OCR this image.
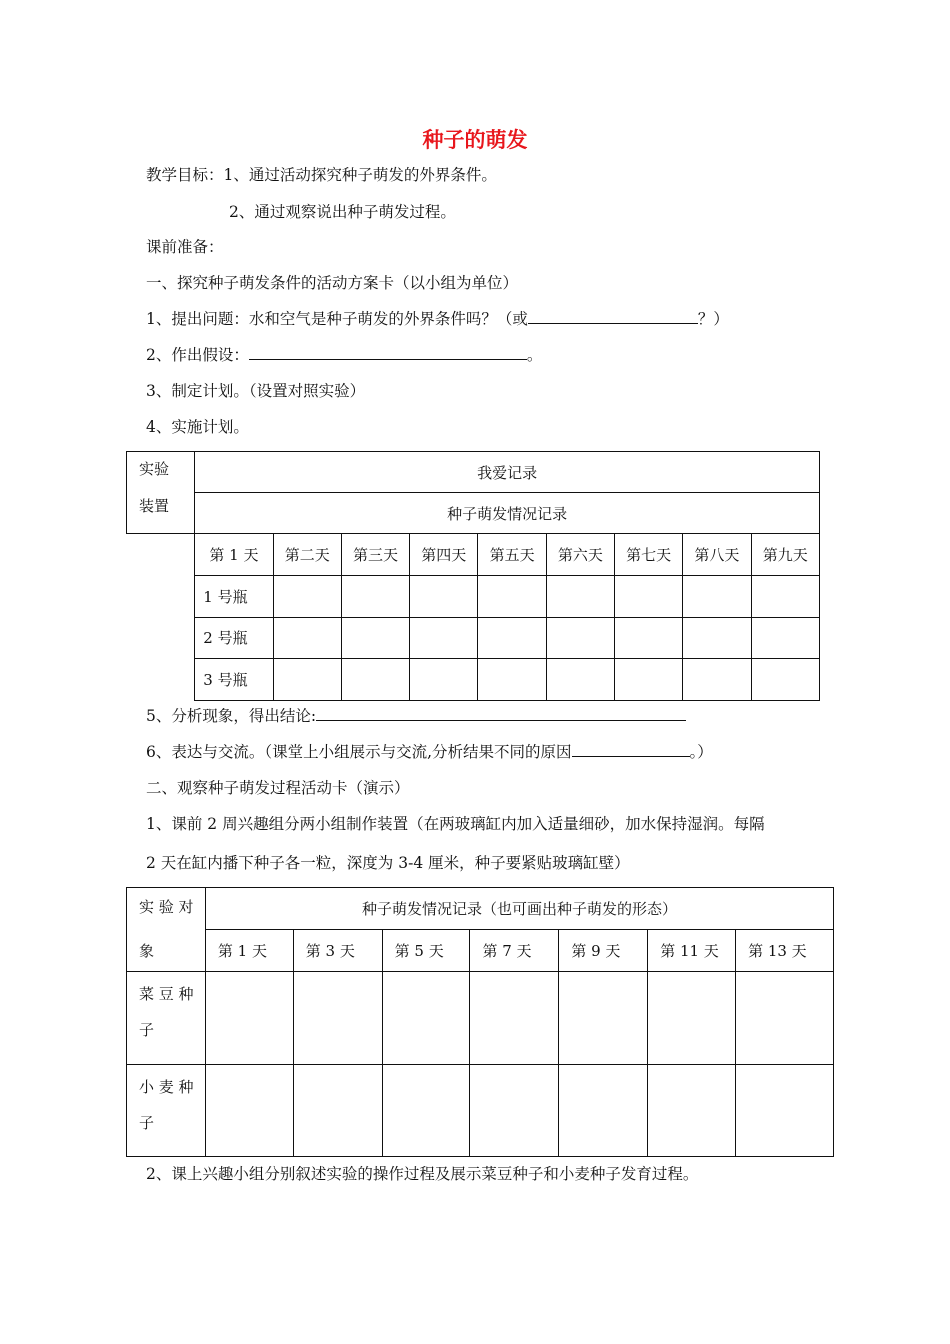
种子的萌发
教学目标：1、通过活动探究种子萌发的外界条件。
2、通过观察说出种子萌发过程。
课前准备：
一、探究种子萌发条件的活动方案卡（以小组为单位）
1、提出问题：水和空气是种子萌发的外界条件吗？（或	？）
2、作出假设：	。
3、制定计划。（设置对照实验）
4、实施计划。
实验	我爱记录								
装置	种子萌发情况记录								
	第 1 天	第二天	第三天	第四天	第五天	第六天	第七天	第八天	第九天
	1 号瓶								
	2 号瓶								
	3 号瓶								
5、分析现象，得出结论:
6、表达与交流。（课堂上小组展示与交流,分析结果不同的原因	。）
二、观察种子萌发过程活动卡（演示）
1、课前 2 周兴趣组分两小组制作装置（在两玻璃缸内加入适量细砂，加水保持湿润。每隔
2 天在缸内播下种子各一粒，深度为 3-4 厘米，种子要紧贴玻璃缸壁）
实 验 对	种子萌发情况记录（也可画出种子萌发的形态）						
象	第 1 天	第 3 天	第 5 天	第 7 天	第 9 天	第 11 天	第 13 天

菜 豆 种
子							

小 麦 种
子							

2、课上兴趣小组分别叙述实验的操作过程及展示菜豆种子和小麦种子发育过程。
